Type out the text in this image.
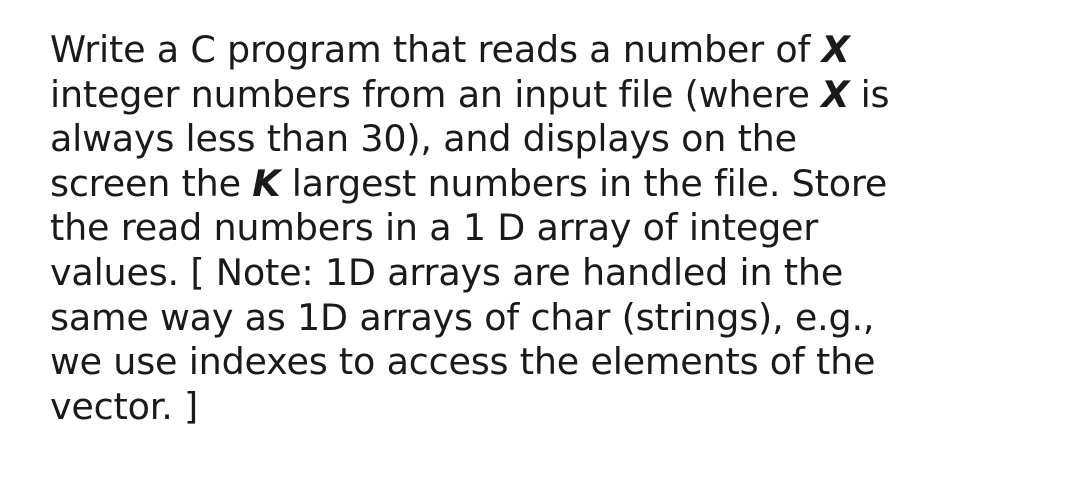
Write a C program that reads a number of X
integer numbers from an input file (where X is
always less than 30), and displays on the
screen the K largest numbers in the file. Store
the read numbers in a 1 D array of integer
values. [ Note: 1D arrays are handled in the
same way as 1D arrays of char (strings), e.g.,
we use indexes to access the elements of the
vector. ]
